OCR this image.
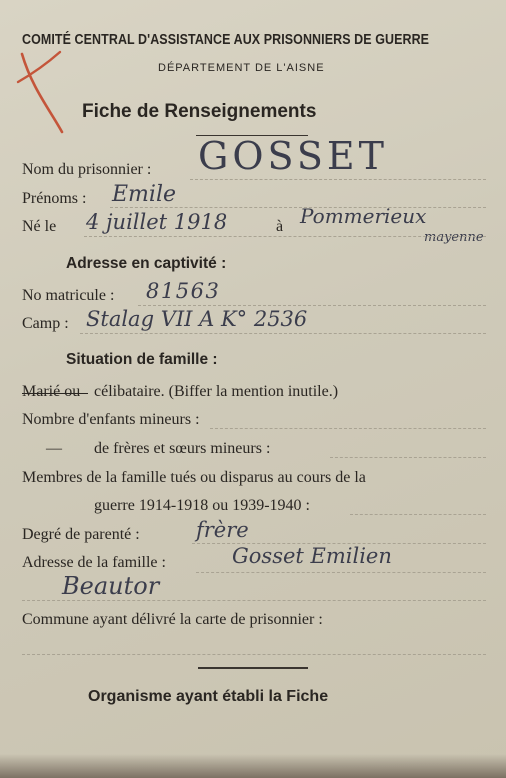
COMITÉ CENTRAL D'ASSISTANCE AUX PRISONNIERS DE GUERRE
DÉPARTEMENT DE L'AISNE
Fiche de Renseignements
Nom du prisonnier : GOSSET
Prénoms : Emile
Né le 4 juillet 1918	à Pommerieux
mayenne
Adresse en captivité :
No matricule : 81563
Camp : Stalag VII A K° 2536
Situation de famille :
Marié ou célibataire. (Biffer la mention inutile.)
Nombre d'enfants mineurs :
— de frères et sœurs mineurs :
Membres de la famille tués ou disparus au cours de la
guerre 1914-1918 ou 1939-1940 :
Degré de parenté :	frère
Adresse de la famille :	Gosset Emilien
Beautor
Commune ayant délivré la carte de prisonnier :
Organisme ayant établi la Fiche
